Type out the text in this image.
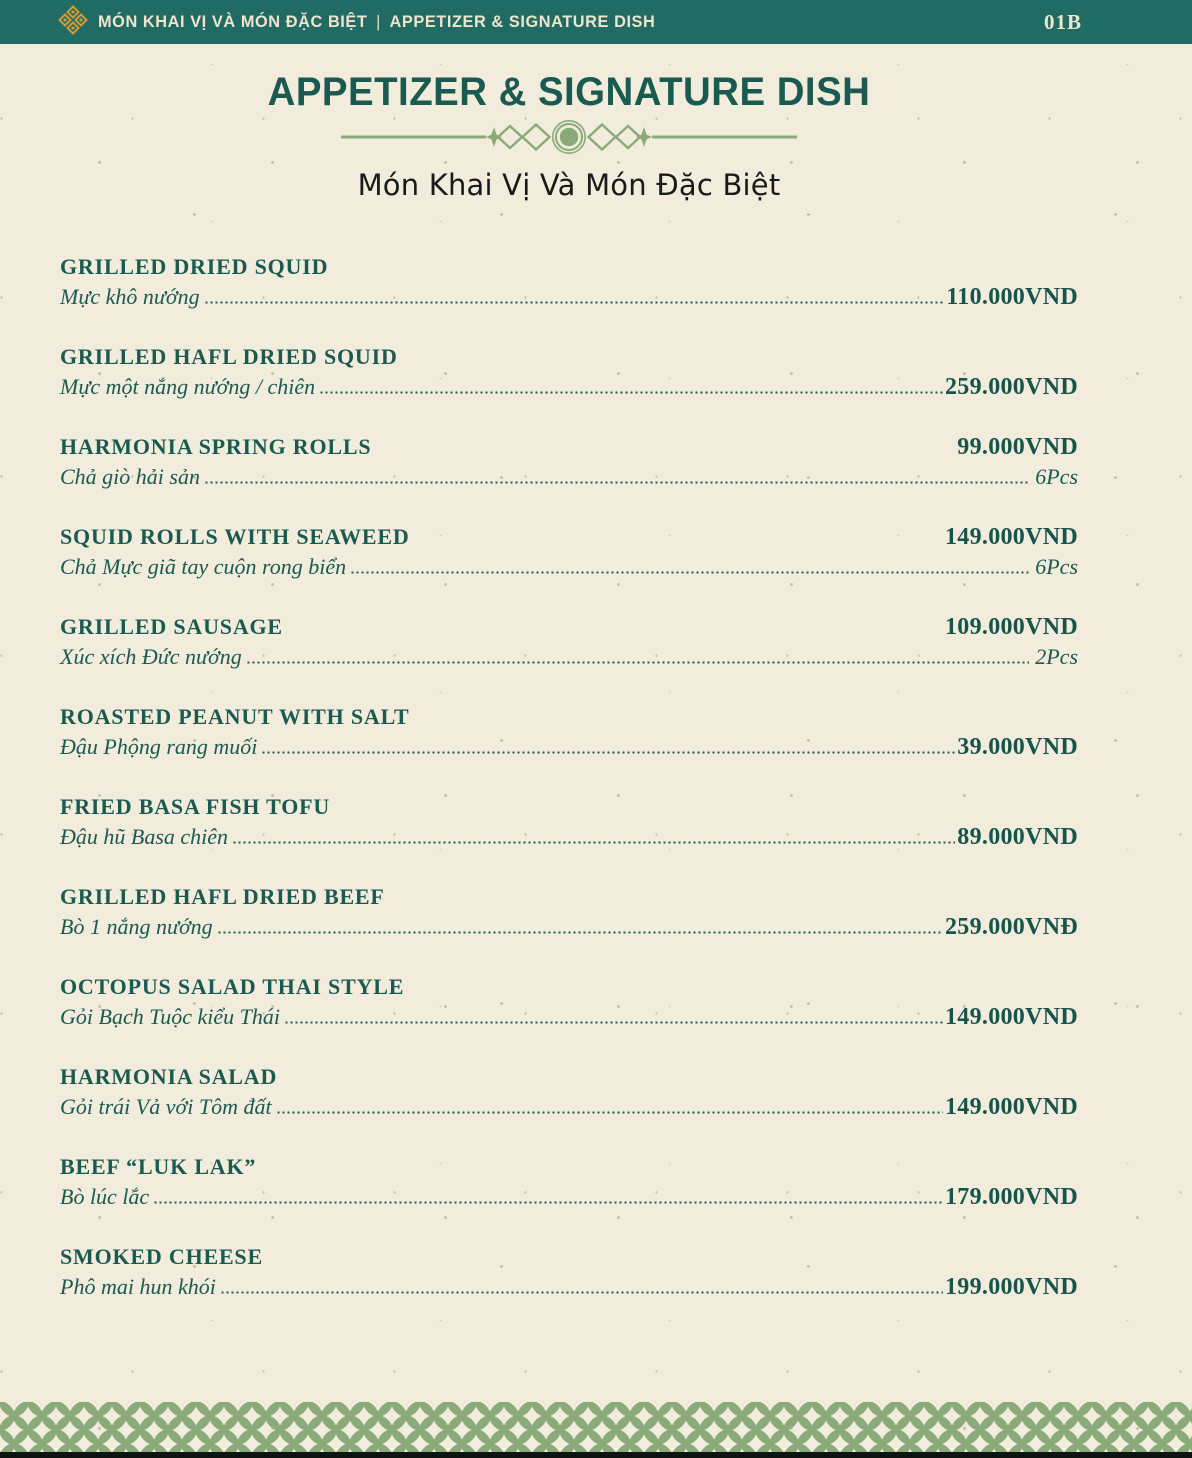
MÓN KHAI VỊ VÀ MÓN ĐẶC BIỆT | APPETIZER & SIGNATURE DISH	01B
APPETIZER & SIGNATURE DISH
Món Khai Vị Và Món Đặc Biệt
GRILLED DRIED SQUID
Mực khô nướng	110.000VND
GRILLED HAFL DRIED SQUID
Mực một nắng nướng / chiên	259.000VND
HARMONIA SPRING ROLLS	99.000VND
Chả giò hải sản	6Pcs
SQUID ROLLS WITH SEAWEED	149.000VND
Chả Mực giã tay cuộn rong biển	6Pcs
GRILLED SAUSAGE	109.000VND
Xúc xích Đức nướng	2Pcs
ROASTED PEANUT WITH SALT
Đậu Phộng rang muối	39.000VND
FRIED BASA FISH TOFU
Đậu hũ Basa chiên	89.000VND
GRILLED HAFL DRIED BEEF
Bò 1 nắng nướng	259.000VNĐ
OCTOPUS SALAD THAI STYLE
Gỏi Bạch Tuộc kiểu Thái	149.000VND
HARMONIA SALAD
Gỏi trái Vả với Tôm đất	149.000VND
BEEF “LUK LAK”
Bò lúc lắc	179.000VND
SMOKED CHEESE
Phô mai hun khói	199.000VND
